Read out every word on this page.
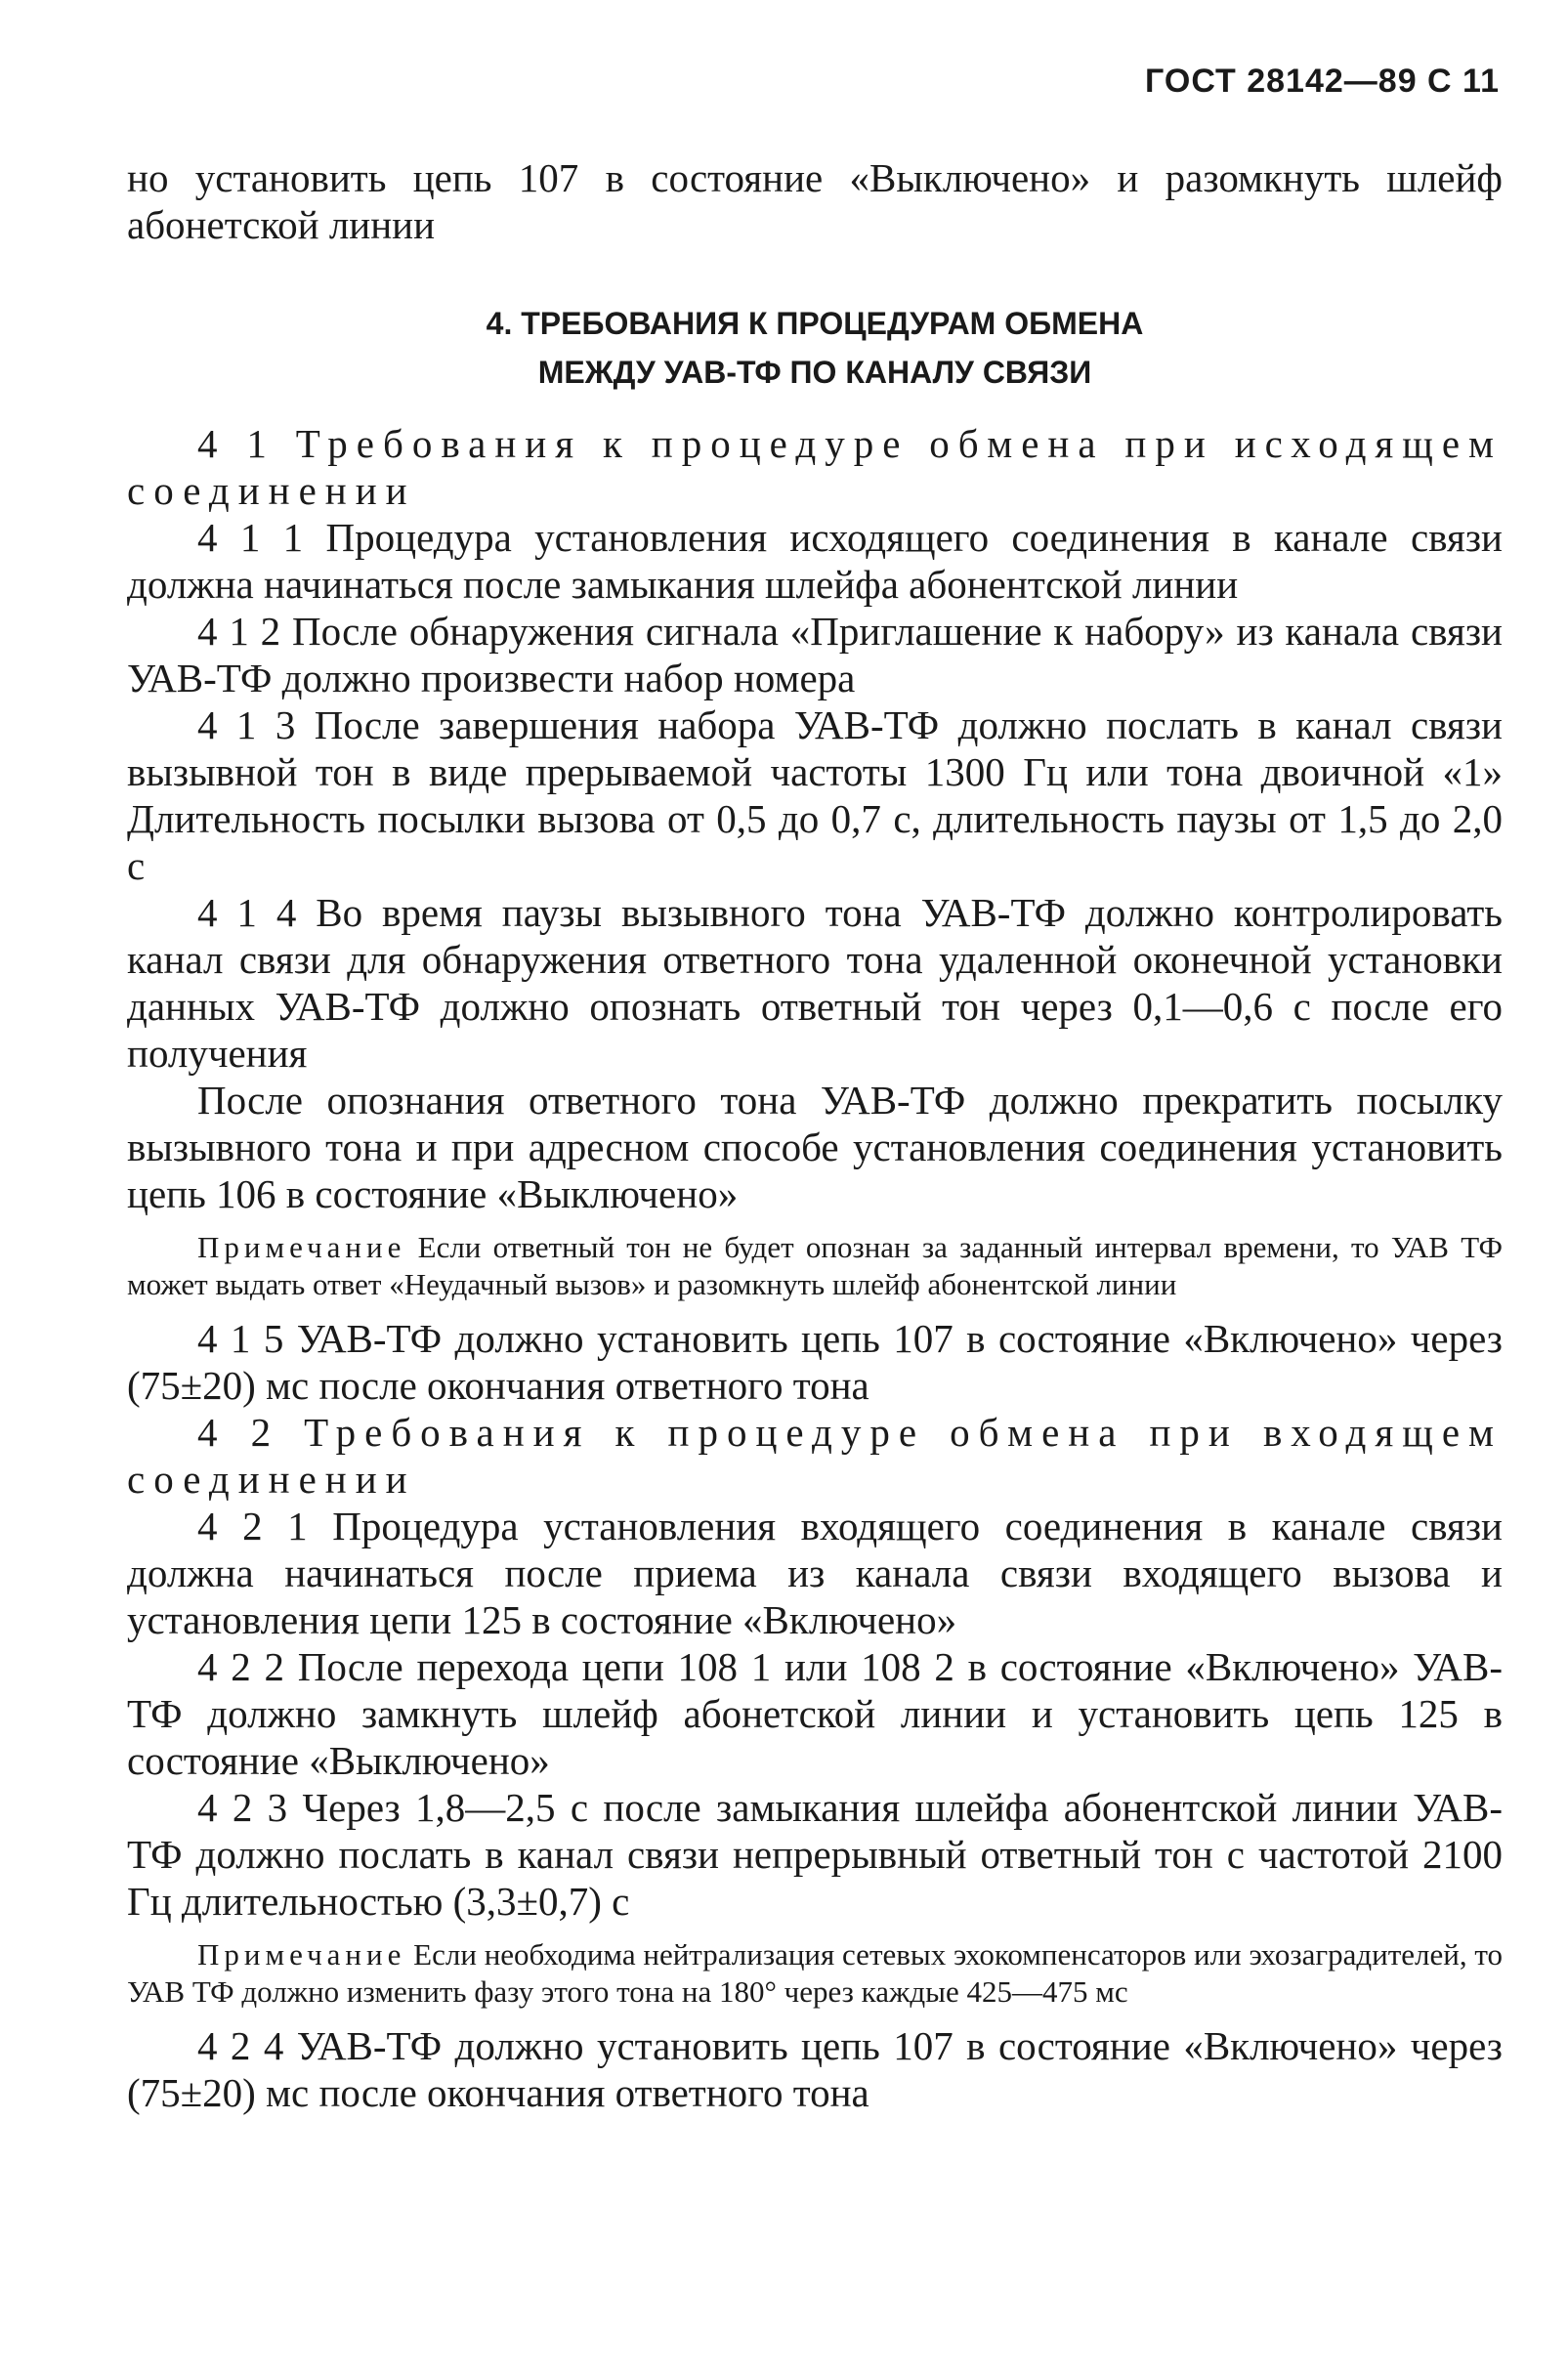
ГОСТ 28142—89 С 11

но установить цепь 107 в состояние «Выключено» и разомкнуть шлейф абонетской линии

4. ТРЕБОВАНИЯ К ПРОЦЕДУРАМ ОБМЕНА
МЕЖДУ УАВ-ТФ ПО КАНАЛУ СВЯЗИ

4 1 Требования к процедуре обмена при исходящем соединении

4 1 1 Процедура установления исходящего соединения в канале связи должна начинаться после замыкания шлейфа абонентской линии

4 1 2 После обнаружения сигнала «Приглашение к набору» из канала связи УАВ-ТФ должно произвести набор номера

4 1 3 После завершения набора УАВ-ТФ должно послать в канал связи вызывной тон в виде прерываемой частоты 1300 Гц или тона двоичной «1» Длительность посылки вызова от 0,5 до 0,7 с, длительность паузы от 1,5 до 2,0 с

4 1 4 Во время паузы вызывного тона УАВ-ТФ должно контролировать канал связи для обнаружения ответного тона удаленной оконечной установки данных УАВ-ТФ должно опознать ответный тон через 0,1—0,6 с после его получения

После опознания ответного тона УАВ-ТФ должно прекратить посылку вызывного тона и при адресном способе установления соединения установить цепь 106 в состояние «Выключено»

Примечание Если ответный тон не будет опознан за заданный интервал времени, то УАВ ТФ может выдать ответ «Неудачный вызов» и разомкнуть шлейф абонентской линии

4 1 5 УАВ-ТФ должно установить цепь 107 в состояние «Включено» через (75±20) мс после окончания ответного тона

4 2 Требования к процедуре обмена при входящем соединении

4 2 1 Процедура установления входящего соединения в канале связи должна начинаться после приема из канала связи входящего вызова и установления цепи 125 в состояние «Включено»

4 2 2 После перехода цепи 108 1 или 108 2 в состояние «Включено» УАВ-ТФ должно замкнуть шлейф абонетской линии и установить цепь 125 в состояние «Выключено»

4 2 3 Через 1,8—2,5 с после замыкания шлейфа абонентской линии УАВ-ТФ должно послать в канал связи непрерывный ответный тон с частотой 2100 Гц длительностью (3,3±0,7) с

Примечание Если необходима нейтрализация сетевых эхокомпенсаторов или эхозаградителей, то УАВ ТФ должно изменить фазу этого тона на 180° через каждые 425—475 мс

4 2 4 УАВ-ТФ должно установить цепь 107 в состояние «Включено» через (75±20) мс после окончания ответного тона
